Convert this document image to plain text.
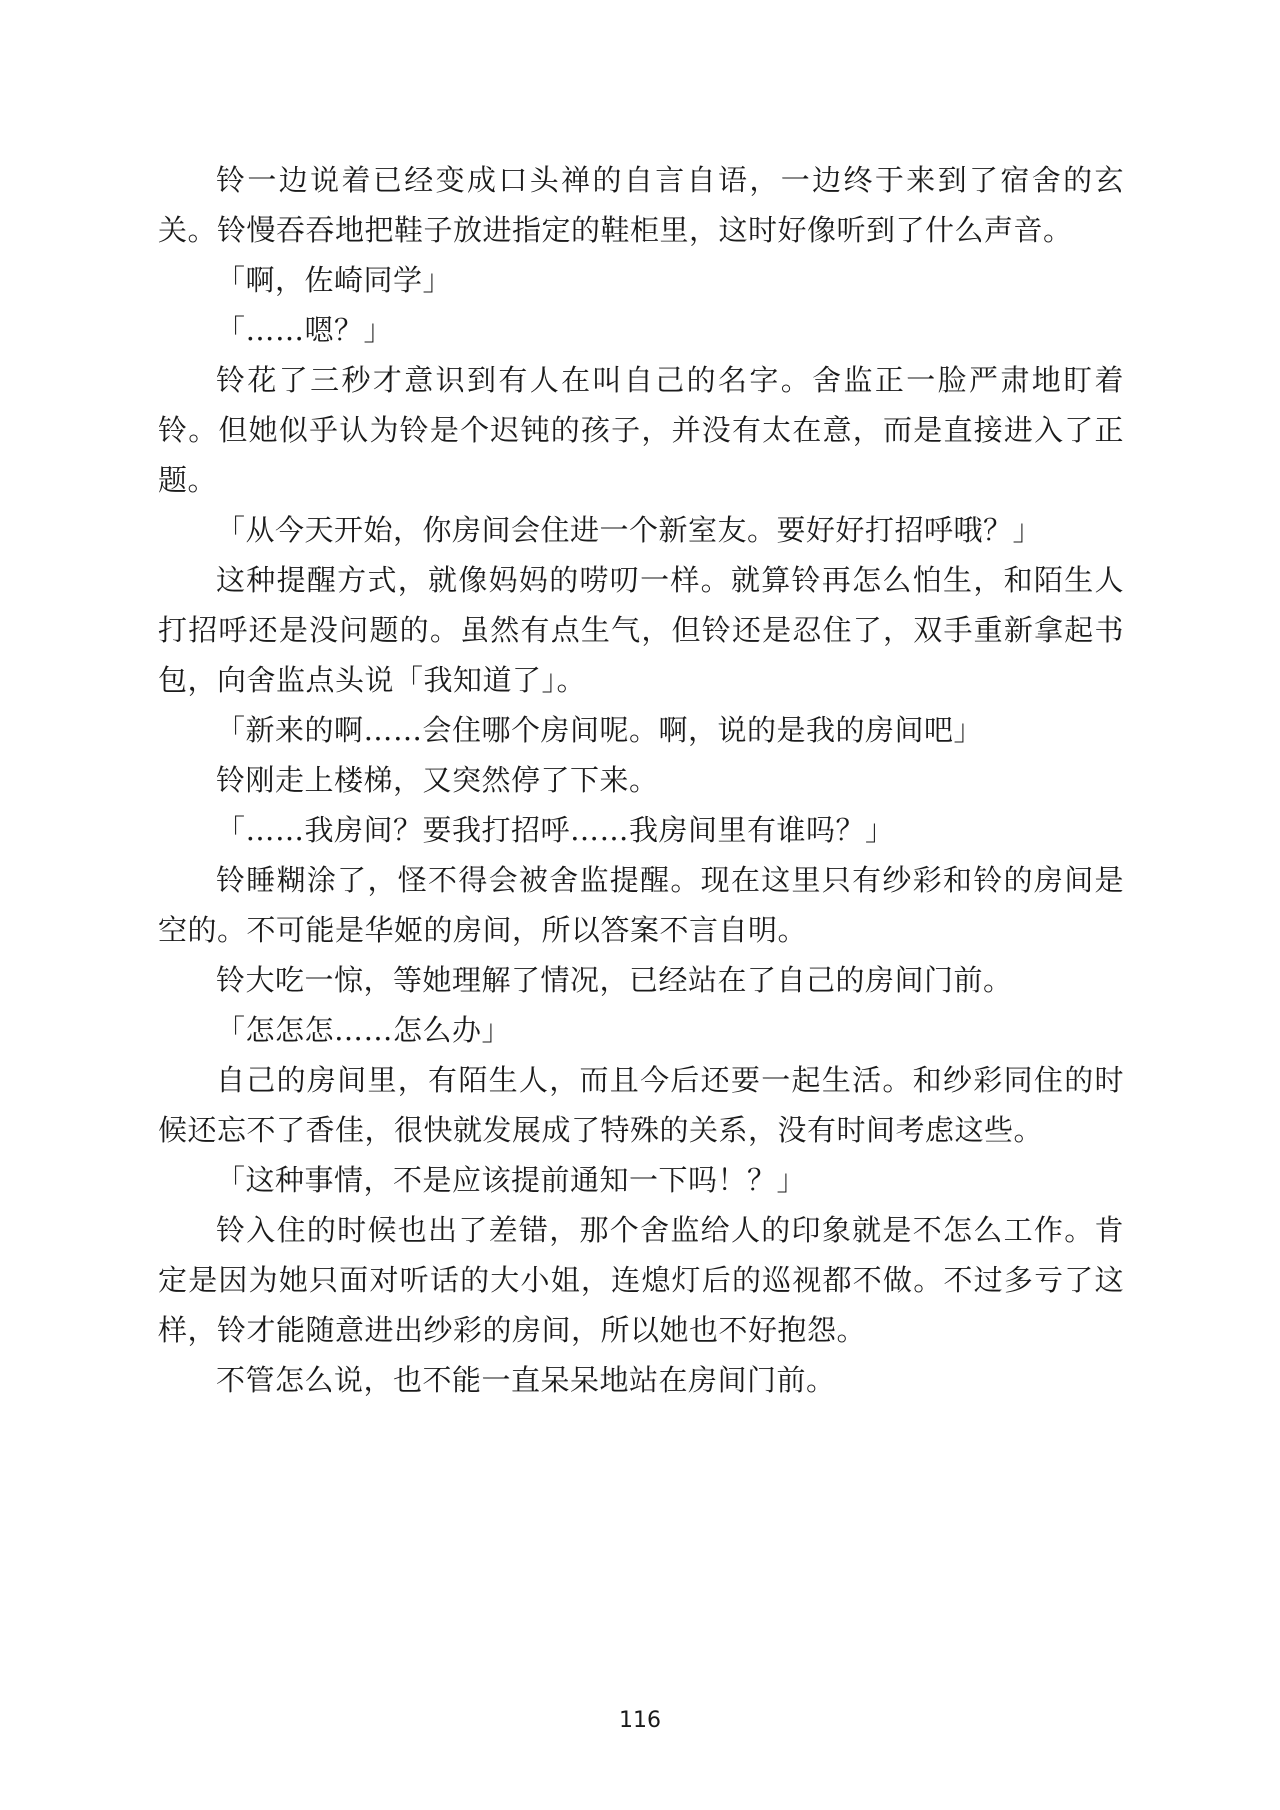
铃一边说着已经变成口头禅的自言自语，一边终于来到了宿舍的玄关。铃慢吞吞地把鞋子放进指定的鞋柜里，这时好像听到了什么声音。

「啊，佐崎同学」

「……嗯？」

铃花了三秒才意识到有人在叫自己的名字。舍监正一脸严肃地盯着铃。但她似乎认为铃是个迟钝的孩子，并没有太在意，而是直接进入了正题。

「从今天开始，你房间会住进一个新室友。要好好打招呼哦？」

这种提醒方式，就像妈妈的唠叨一样。就算铃再怎么怕生，和陌生人打招呼还是没问题的。虽然有点生气，但铃还是忍住了，双手重新拿起书包，向舍监点头说「我知道了」。

「新来的啊……会住哪个房间呢。啊，说的是我的房间吧」

铃刚走上楼梯，又突然停了下来。

「……我房间？要我打招呼……我房间里有谁吗？」

铃睡糊涂了，怪不得会被舍监提醒。现在这里只有纱彩和铃的房间是空的。不可能是华姬的房间，所以答案不言自明。

铃大吃一惊，等她理解了情况，已经站在了自己的房间门前。

「怎怎怎……怎么办」

自己的房间里，有陌生人，而且今后还要一起生活。和纱彩同住的时候还忘不了香佳，很快就发展成了特殊的关系，没有时间考虑这些。

「这种事情，不是应该提前通知一下吗！？」

铃入住的时候也出了差错，那个舍监给人的印象就是不怎么工作。肯定是因为她只面对听话的大小姐，连熄灯后的巡视都不做。不过多亏了这样，铃才能随意进出纱彩的房间，所以她也不好抱怨。

不管怎么说，也不能一直呆呆地站在房间门前。

116
